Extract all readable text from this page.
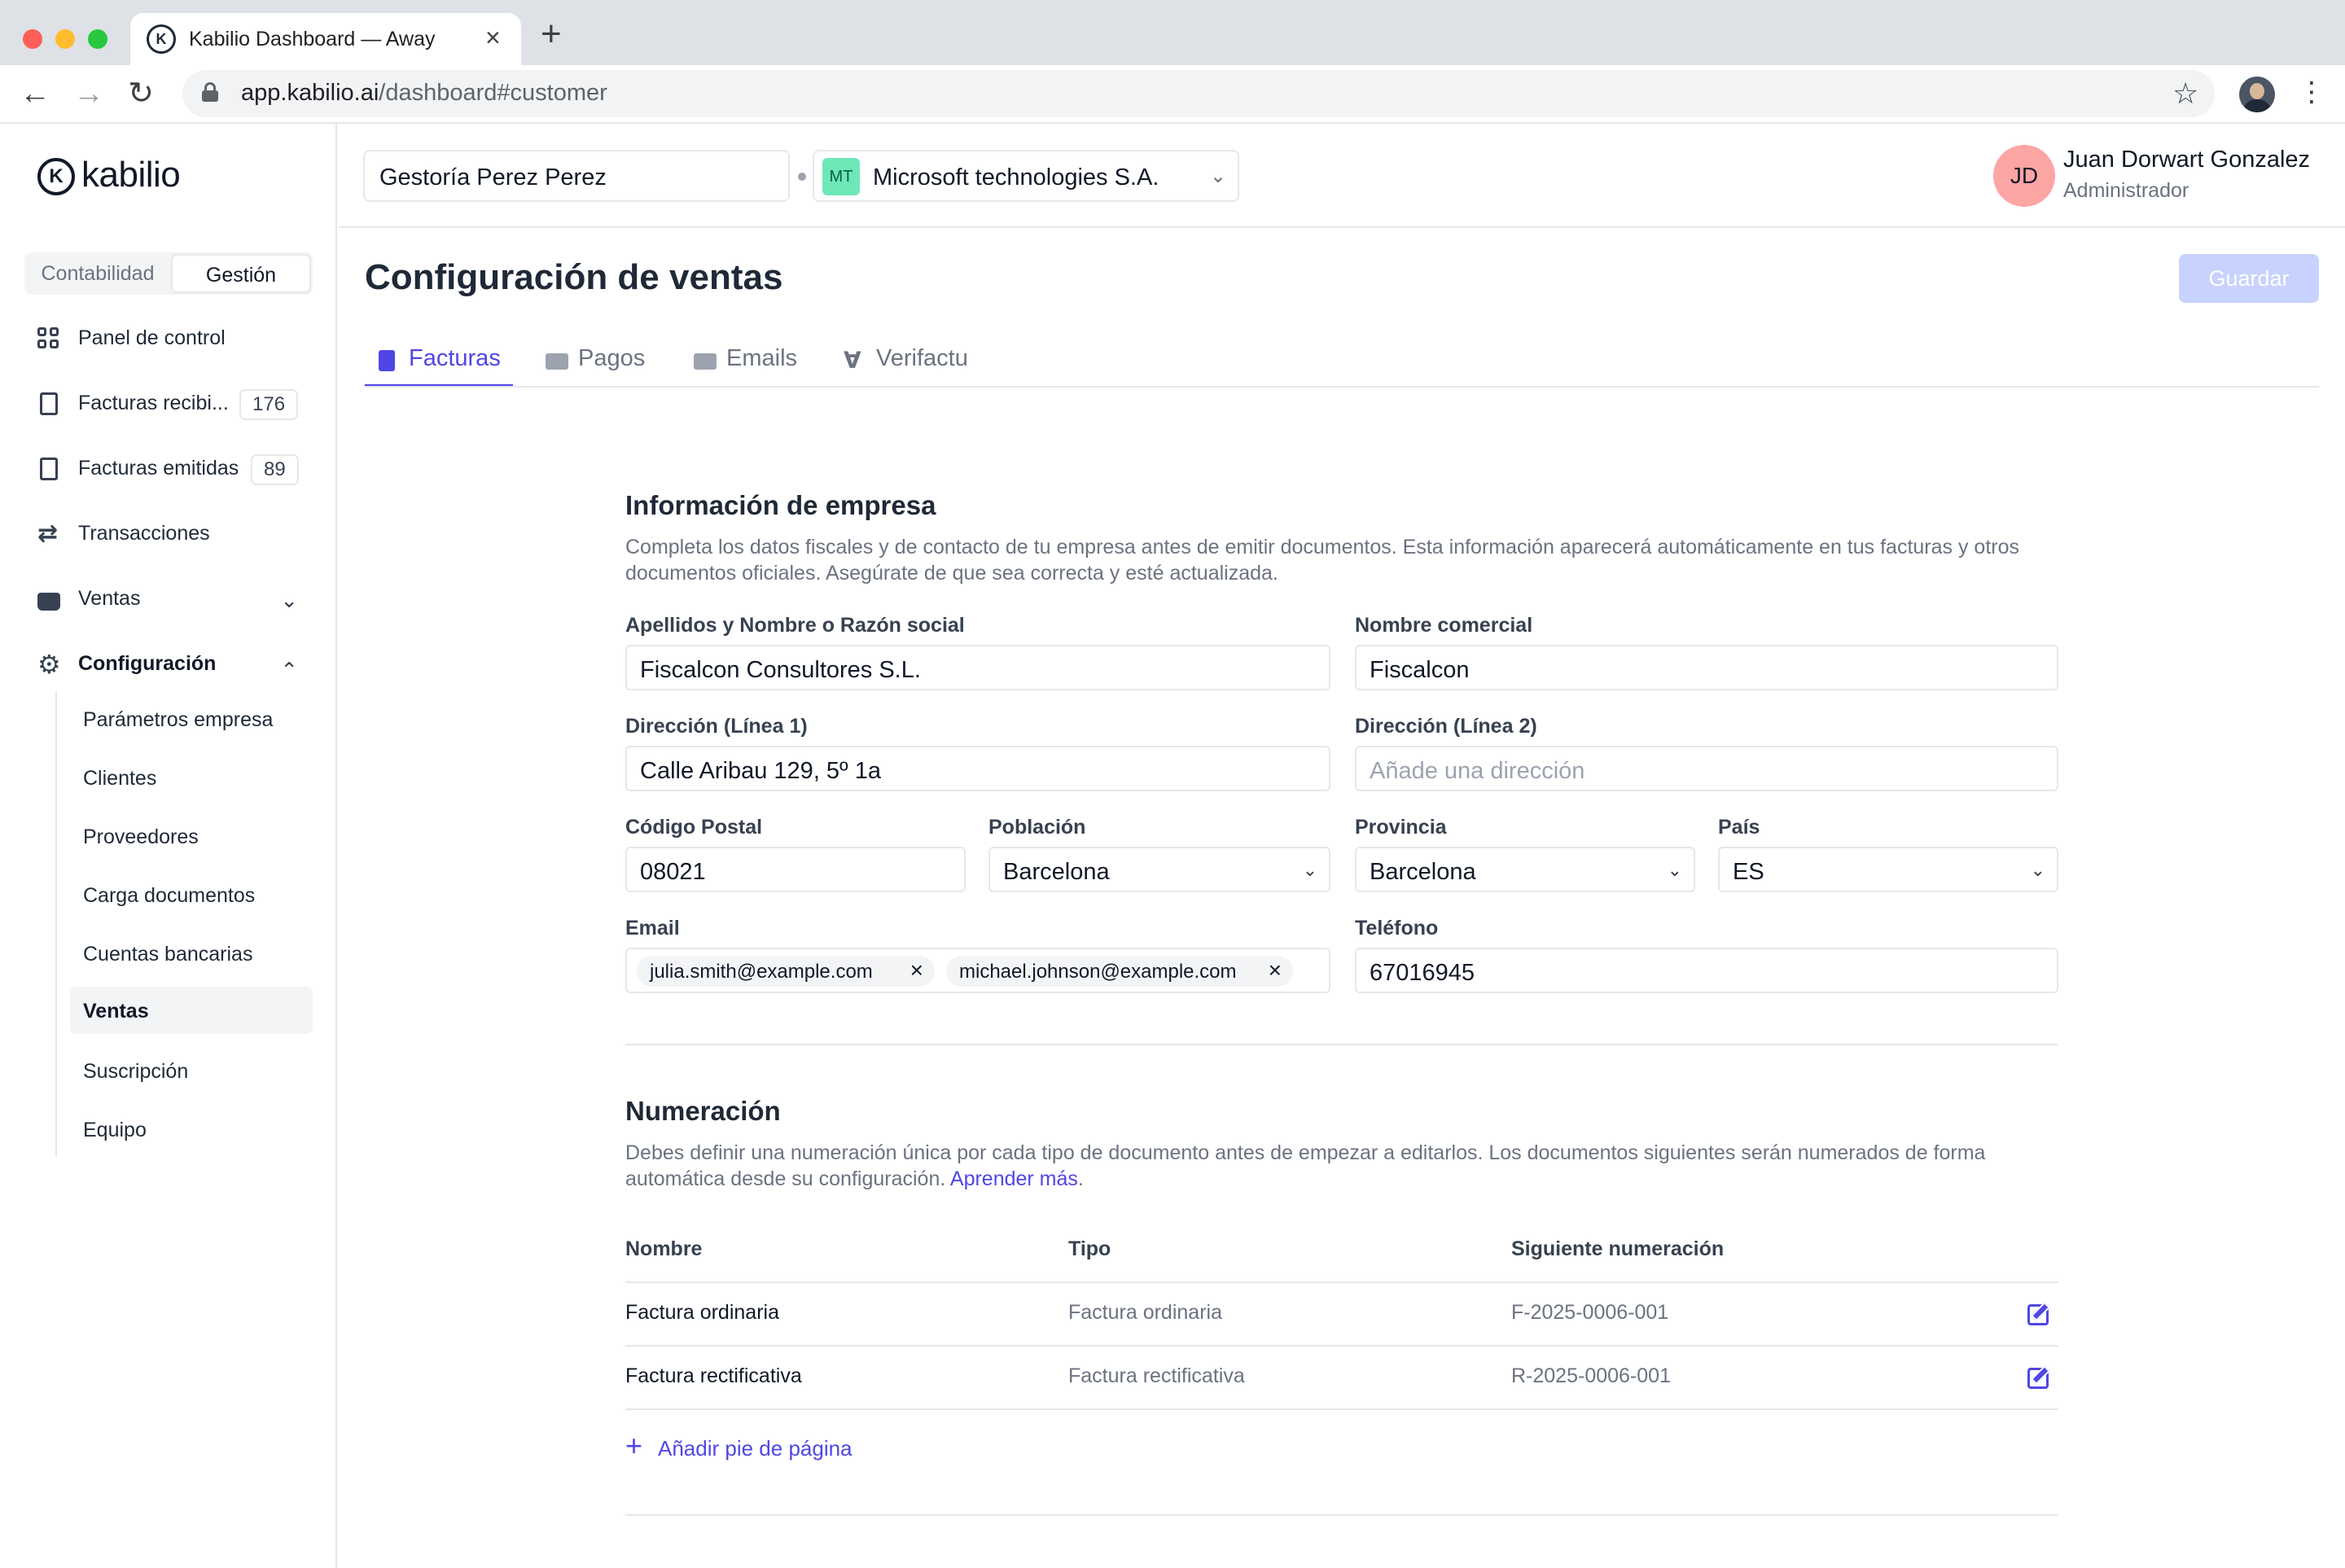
K	Kabilio Dashboard — Away × +
← → ↻	app.kabilio.ai/dashboard#customer	☆	⋮
K kabilio
Contabilidad	Gestión
Panel de control
Facturas recibi...	176
Facturas emitidas	89
⇄ Transacciones
Ventas	⌄
⚙ Configuración	⌃
Parámetros empresa
Clientes
Proveedores
Carga documentos
Cuentas bancarias
Ventas
Suscripción
Equipo
Gestoría Perez Perez	MT Microsoft technologies S.A.	⌄	JD
Juan Dorwart Gonzalez
Administrador
Configuración de ventas	Guardar
Facturas	Pagos	Emails ∀ Verifactu
Información de empresa
Completa los datos fiscales y de contacto de tu empresa antes de emitir documentos. Esta información aparecerá automáticamente en tus facturas y otros documentos oficiales. Asegúrate de que sea correcta y esté actualizada.
Apellidos y Nombre o Razón social
Fiscalcon Consultores S.L.
Nombre comercial
Fiscalcon
Dirección (Línea 1)
Calle Aribau 129, 5º 1a
Dirección (Línea 2)
Añade una dirección
Código Postal
08021
Población
Barcelona	⌄
Provincia
Barcelona	⌄
País
ES	⌄
Email
julia.smith@example.com × michael.johnson@example.com ×
Teléfono
67016945
Numeración
Debes definir una numeración única por cada tipo de documento antes de empezar a editarlos. Los documentos siguientes serán numerados de forma automática desde su configuración. Aprender más.
Nombre	Tipo	Siguiente numeración
Factura ordinaria	Factura ordinaria	F-2025-0006-001
Factura rectificativa	Factura rectificativa	R-2025-0006-001
+ Añadir pie de página
